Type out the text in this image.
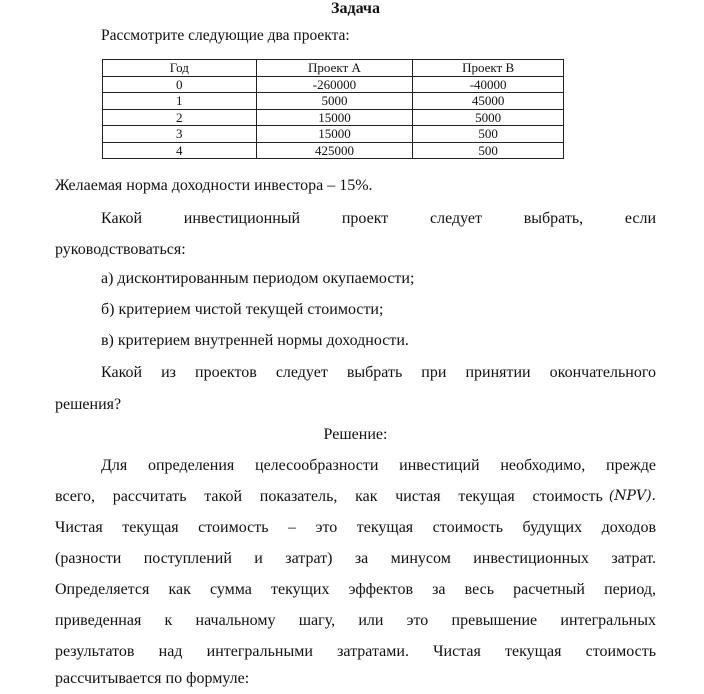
Задача

Рассмотрите следующие два проекта:

Год	Проект A	Проект B
0	-260000	-40000
1	5000	45000
2	15000	5000
3	15000	500
4	425000	500

Желаемая норма доходности инвестора – 15%.

Какой инвестиционный проект следует выбрать, если

руководствоваться:

а) дисконтированным периодом окупаемости;

б) критерием чистой текущей стоимости;

в) критерием внутренней нормы доходности.

Какой из проектов следует выбрать при принятии окончательного

решения?

Решение:

Для определения целесообразности инвестиций необходимо, прежде

всего, рассчитать такой показатель, как чистая текущая стоимость (NPV).

Чистая текущая стоимость – это текущая стоимость будущих доходов

(разности поступлений и затрат) за минусом инвестиционных затрат.

Определяется как сумма текущих эффектов за весь расчетный период,

приведенная к начальному шагу, или это превышение интегральных

результатов над интегральными затратами. Чистая текущая стоимость

рассчитывается по формуле:
